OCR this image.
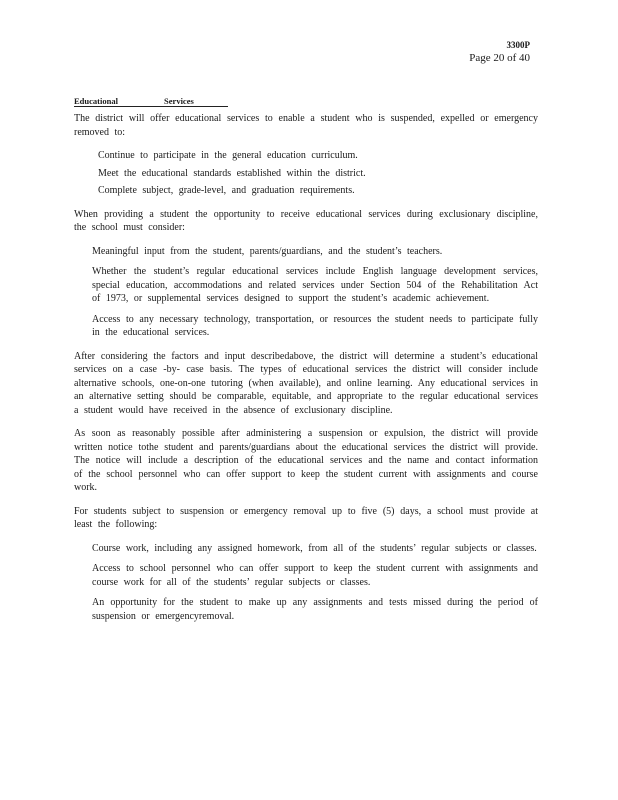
3300P
Page 20 of 40
Educational Services

The district will offer educational services to enable a student who is suspended, expelled or emergency removed to:

Continue to participate in the general education curriculum.
Meet the educational standards established within the district.
Complete subject, grade-level, and graduation requirements.

When providing a student the opportunity to receive educational services during exclusionary discipline, the school must consider:

Meaningful input from the student, parents/guardians, and the student’s teachers.
Whether the student’s regular educational services include English language development services, special education, accommodations and related services under Section 504 of the Rehabilitation Act of 1973, or supplemental services designed to support the student’s academic achievement.
Access to any necessary technology, transportation, or resources the student needs to participate fully in the educational services.

After considering the factors and input describedabove, the district will determine a student’s educational services on a case -by- case basis. The types of educational services the district will consider include alternative schools, one-on-one tutoring (when available), and online learning. Any educational services in an alternative setting should be comparable, equitable, and appropriate to the regular educational services a student would have received in the absence of exclusionary discipline.

As soon as reasonably possible after administering a suspension or expulsion, the district will provide written notice tothe student and parents/guardians about the educational services the district will provide. The notice will include a description of the educational services and the name and contact information of the school personnel who can offer support to keep the student current with assignments and course work.

For students subject to suspension or emergency removal up to five (5) days, a school must provide at least the following:

Course work, including any assigned homework, from all of the students’ regular subjects or classes.
Access to school personnel who can offer support to keep the student current with assignments and course work for all of the students’ regular subjects or classes.
An opportunity for the student to make up any assignments and tests missed during the period of suspension or emergencyremoval.
